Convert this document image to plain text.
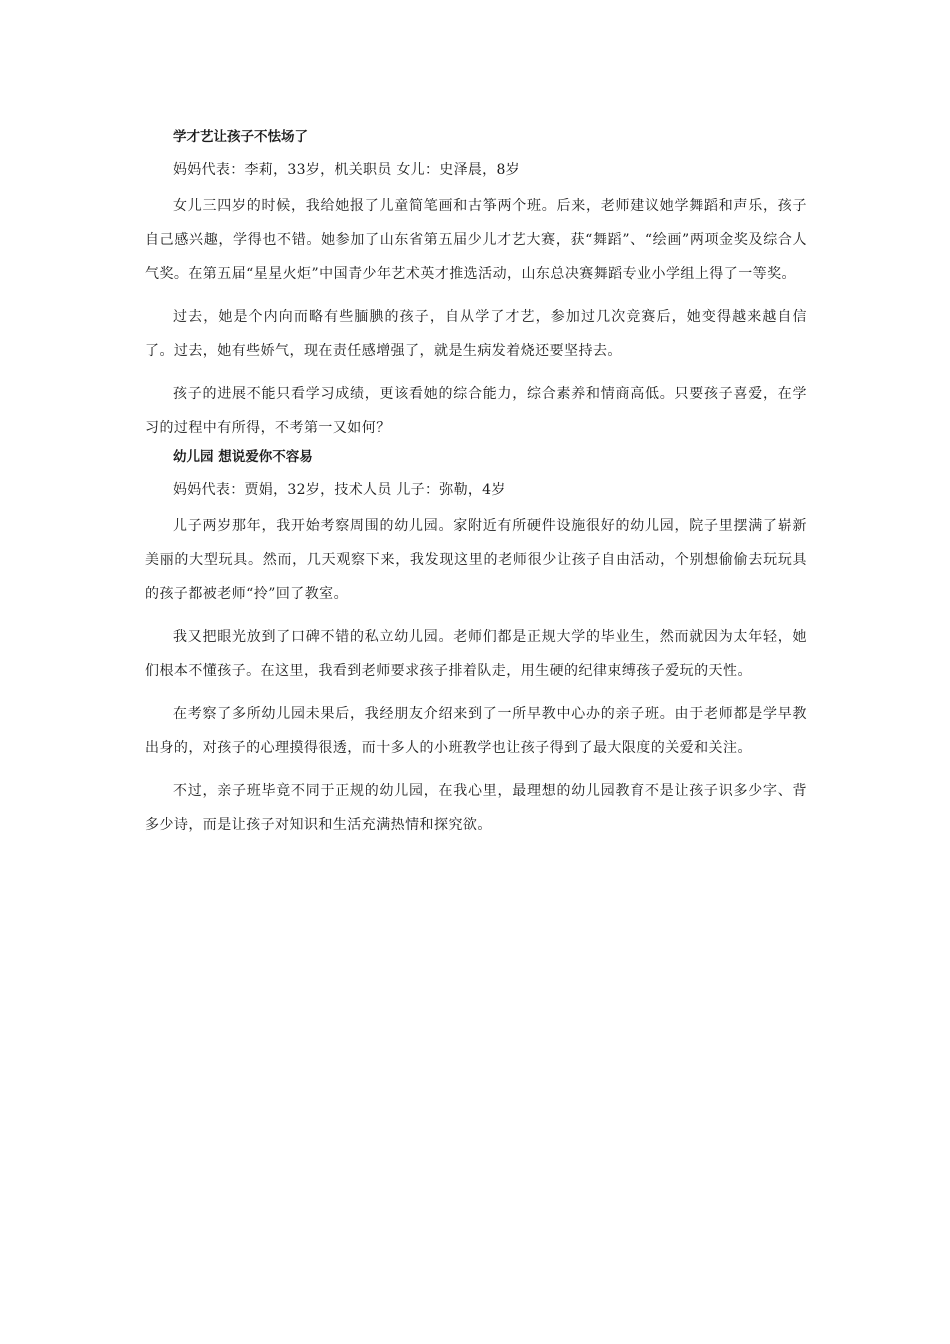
学才艺让孩子不怯场了
妈妈代表：李莉，33岁，机关职员 女儿：史泽晨，8岁

女儿三四岁的时候，我给她报了儿童简笔画和古筝两个班。后来，老师建议她学舞蹈和声乐，孩子自己感兴趣，学得也不错。她参加了山东省第五届少儿才艺大赛，获“舞蹈”、“绘画”两项金奖及综合人气奖。在第五届“星星火炬”中国青少年艺术英才推选活动，山东总决赛舞蹈专业小学组上得了一等奖。

过去，她是个内向而略有些腼腆的孩子，自从学了才艺，参加过几次竞赛后，她变得越来越自信了。过去，她有些娇气，现在责任感增强了，就是生病发着烧还要坚持去。

孩子的进展不能只看学习成绩，更该看她的综合能力，综合素养和情商高低。只要孩子喜爱，在学习的过程中有所得，不考第一又如何？

幼儿园 想说爱你不容易
妈妈代表：贾娟，32岁，技术人员 儿子：弥勒，4岁

儿子两岁那年，我开始考察周围的幼儿园。家附近有所硬件设施很好的幼儿园，院子里摆满了崭新美丽的大型玩具。然而，几天观察下来，我发现这里的老师很少让孩子自由活动，个别想偷偷去玩玩具的孩子都被老师“拎”回了教室。

我又把眼光放到了口碑不错的私立幼儿园。老师们都是正规大学的毕业生，然而就因为太年轻，她们根本不懂孩子。在这里，我看到老师要求孩子排着队走，用生硬的纪律束缚孩子爱玩的天性。

在考察了多所幼儿园未果后，我经朋友介绍来到了一所早教中心办的亲子班。由于老师都是学早教出身的，对孩子的心理摸得很透，而十多人的小班教学也让孩子得到了最大限度的关爱和关注。

不过，亲子班毕竟不同于正规的幼儿园，在我心里，最理想的幼儿园教育不是让孩子识多少字、背多少诗，而是让孩子对知识和生活充满热情和探究欲。
